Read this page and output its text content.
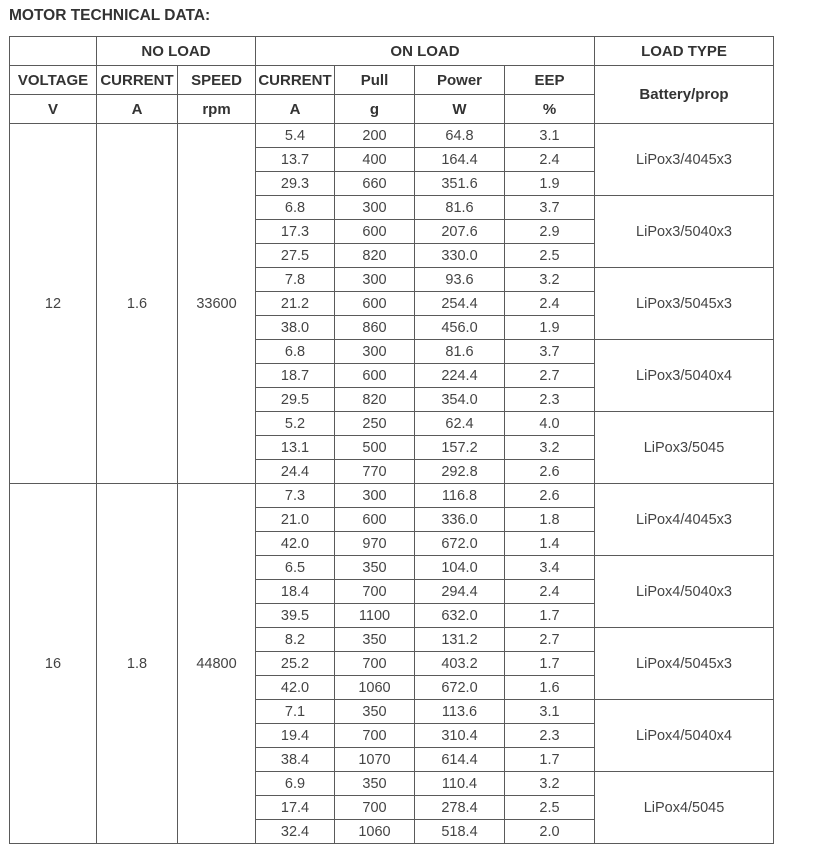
MOTOR TECHNICAL DATA:
	NO LOAD		ON LOAD				LOAD TYPE
VOLTAGE	CURRENT	SPEED	CURRENT	Pull	Power	EEP	Battery/prop
V	A	rpm	A	g	W	%	
12	1.6	33600	5.4	200	64.8	3.1	LiPox3/4045x3
			13.7	400	164.4	2.4	
			29.3	660	351.6	1.9	
			6.8	300	81.6	3.7	LiPox3/5040x3
			17.3	600	207.6	2.9	
			27.5	820	330.0	2.5	
			7.8	300	93.6	3.2	LiPox3/5045x3
			21.2	600	254.4	2.4	
			38.0	860	456.0	1.9	
			6.8	300	81.6	3.7	LiPox3/5040x4
			18.7	600	224.4	2.7	
			29.5	820	354.0	2.3	
			5.2	250	62.4	4.0	LiPox3/5045
			13.1	500	157.2	3.2	
			24.4	770	292.8	2.6	
16	1.8	44800	7.3	300	116.8	2.6	LiPox4/4045x3
			21.0	600	336.0	1.8	
			42.0	970	672.0	1.4	
			6.5	350	104.0	3.4	LiPox4/5040x3
			18.4	700	294.4	2.4	
			39.5	1100	632.0	1.7	
			8.2	350	131.2	2.7	LiPox4/5045x3
			25.2	700	403.2	1.7	
			42.0	1060	672.0	1.6	
			7.1	350	113.6	3.1	LiPox4/5040x4
			19.4	700	310.4	2.3	
			38.4	1070	614.4	1.7	
			6.9	350	110.4	3.2	LiPox4/5045
			17.4	700	278.4	2.5	
			32.4	1060	518.4	2.0	
